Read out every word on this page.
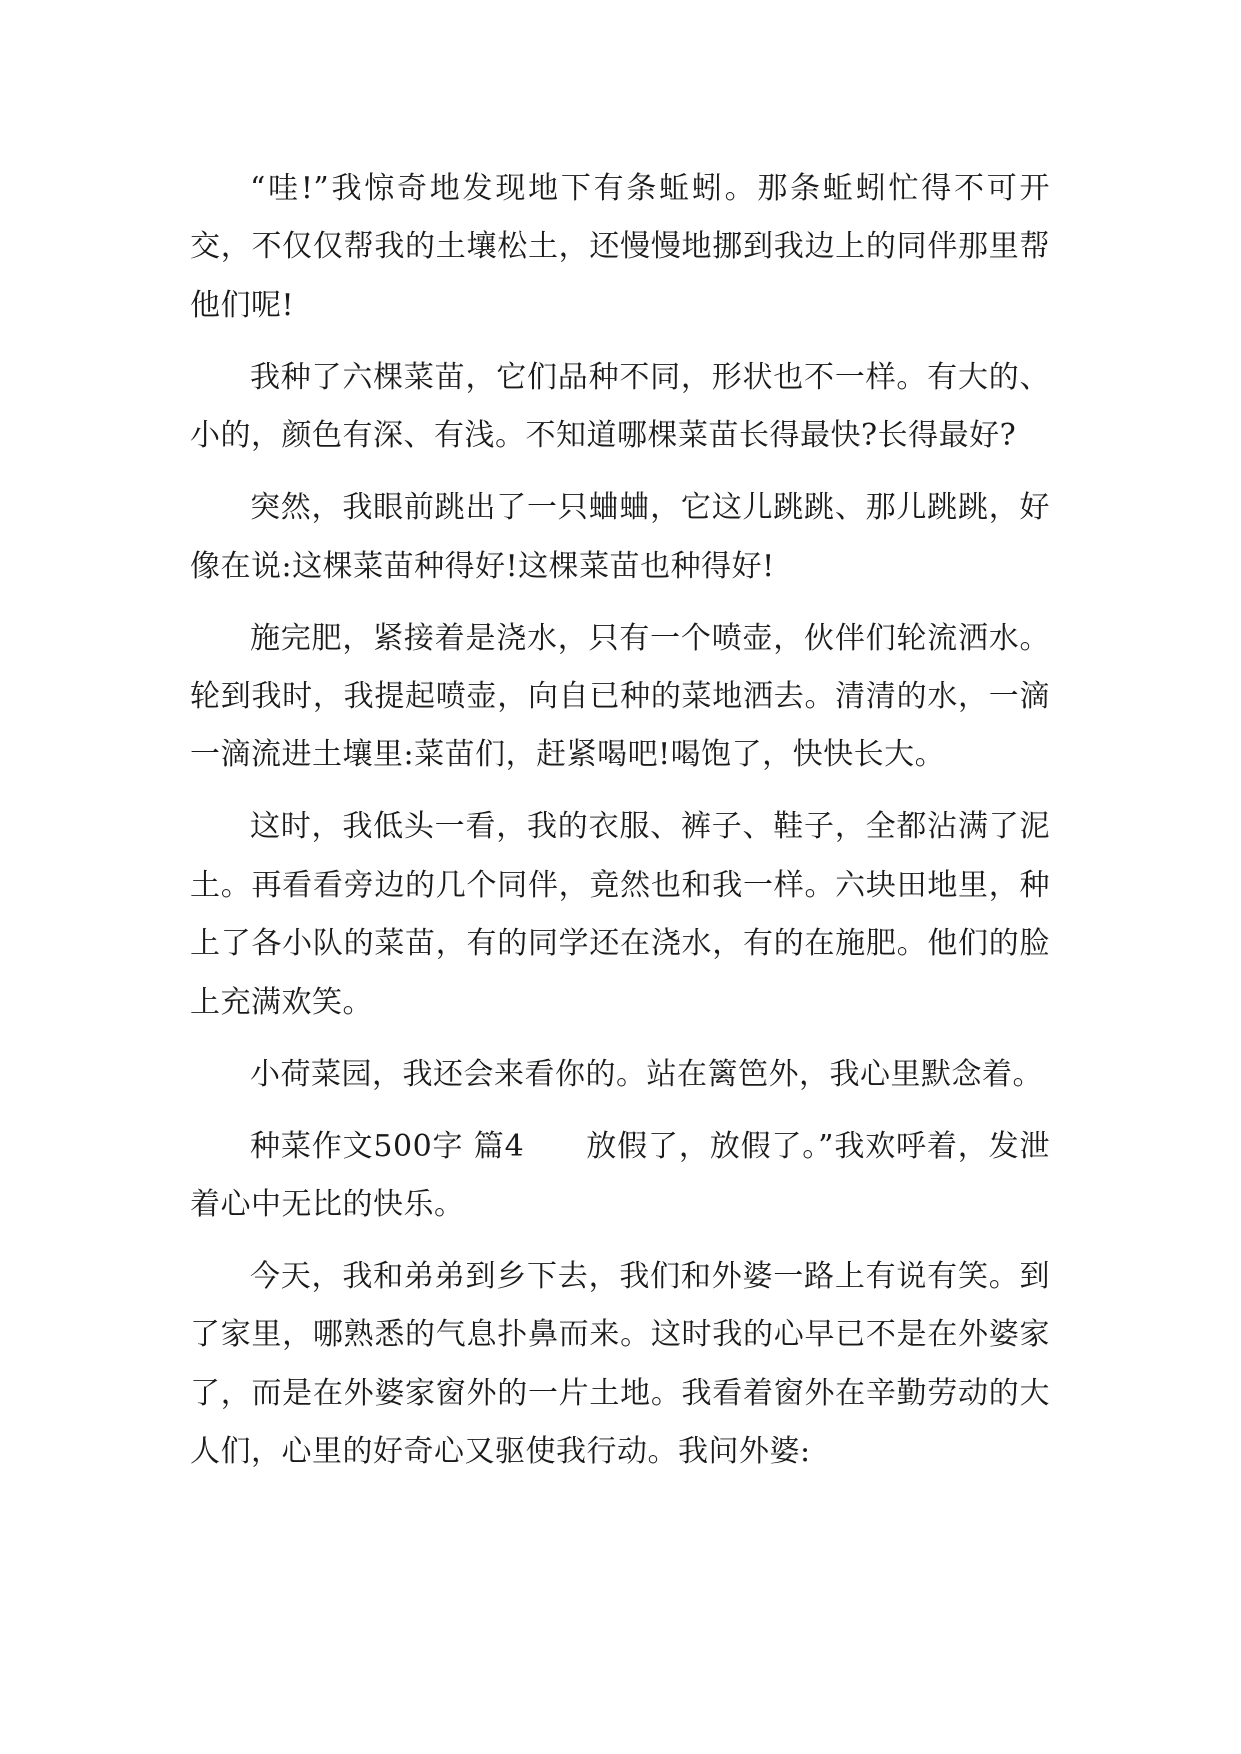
“哇!”我惊奇地发现地下有条蚯蚓。那条蚯蚓忙得不可开交，不仅仅帮我的土壤松土，还慢慢地挪到我边上的同伴那里帮他们呢!

我种了六棵菜苗，它们品种不同，形状也不一样。有大的、小的，颜色有深、有浅。不知道哪棵菜苗长得最快?长得最好?

突然，我眼前跳出了一只蛐蛐，它这儿跳跳、那儿跳跳，好像在说:这棵菜苗种得好!这棵菜苗也种得好!

施完肥，紧接着是浇水，只有一个喷壶，伙伴们轮流洒水。轮到我时，我提起喷壶，向自已种的菜地洒去。清清的水，一滴一滴流进土壤里:菜苗们，赶紧喝吧!喝饱了，快快长大。

这时，我低头一看，我的衣服、裤子、鞋子，全都沾满了泥土。再看看旁边的几个同伴，竟然也和我一样。六块田地里，种上了各小队的菜苗，有的同学还在浇水，有的在施肥。他们的脸上充满欢笑。

小荷菜园，我还会来看你的。站在篱笆外，我心里默念着。

种菜作文500字 篇4　　放假了，放假了。”我欢呼着，发泄着心中无比的快乐。

今天，我和弟弟到乡下去，我们和外婆一路上有说有笑。到了家里，哪熟悉的气息扑鼻而来。这时我的心早已不是在外婆家了，而是在外婆家窗外的一片土地。我看着窗外在辛勤劳动的大人们，心里的好奇心又驱使我行动。我问外婆:
